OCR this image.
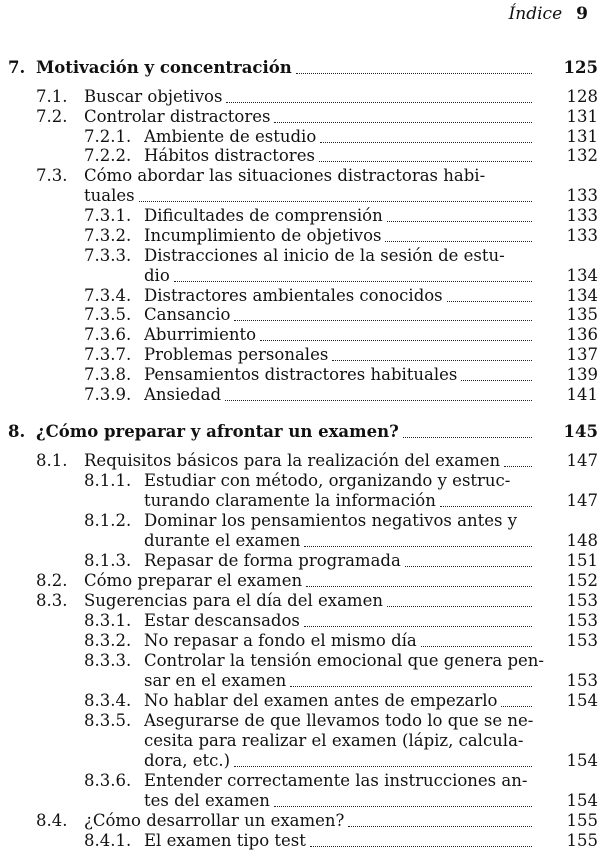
Índice 9
7. Motivación y concentración	125
7.1. Buscar objetivos	128
7.2. Controlar distractores	131
7.2.1. Ambiente de estudio	131
7.2.2. Hábitos distractores	132
7.3. Cómo abordar las situaciones distractoras habi-
tuales	133
7.3.1. Dificultades de comprensión	133
7.3.2. Incumplimiento de objetivos	133
7.3.3. Distracciones al inicio de la sesión de estu-
dio	134
7.3.4. Distractores ambientales conocidos	134
7.3.5. Cansancio	135
7.3.6. Aburrimiento	136
7.3.7. Problemas personales	137
7.3.8. Pensamientos distractores habituales	139
7.3.9. Ansiedad	141
8. ¿Cómo preparar y afrontar un examen?	145
8.1. Requisitos básicos para la realización del examen	147
8.1.1. Estudiar con método, organizando y estruc-
turando claramente la información	147
8.1.2. Dominar los pensamientos negativos antes y
durante el examen	148
8.1.3. Repasar de forma programada	151
8.2. Cómo preparar el examen	152
8.3. Sugerencias para el día del examen	153
8.3.1. Estar descansados	153
8.3.2. No repasar a fondo el mismo día	153
8.3.3. Controlar la tensión emocional que genera pen-
sar en el examen	153
8.3.4. No hablar del examen antes de empezarlo	154
8.3.5. Asegurarse de que llevamos todo lo que se ne-
cesita para realizar el examen (lápiz, calcula-
dora, etc.)	154
8.3.6. Entender correctamente las instrucciones an-
tes del examen	154
8.4. ¿Cómo desarrollar un examen?	155
8.4.1. El examen tipo test	155
